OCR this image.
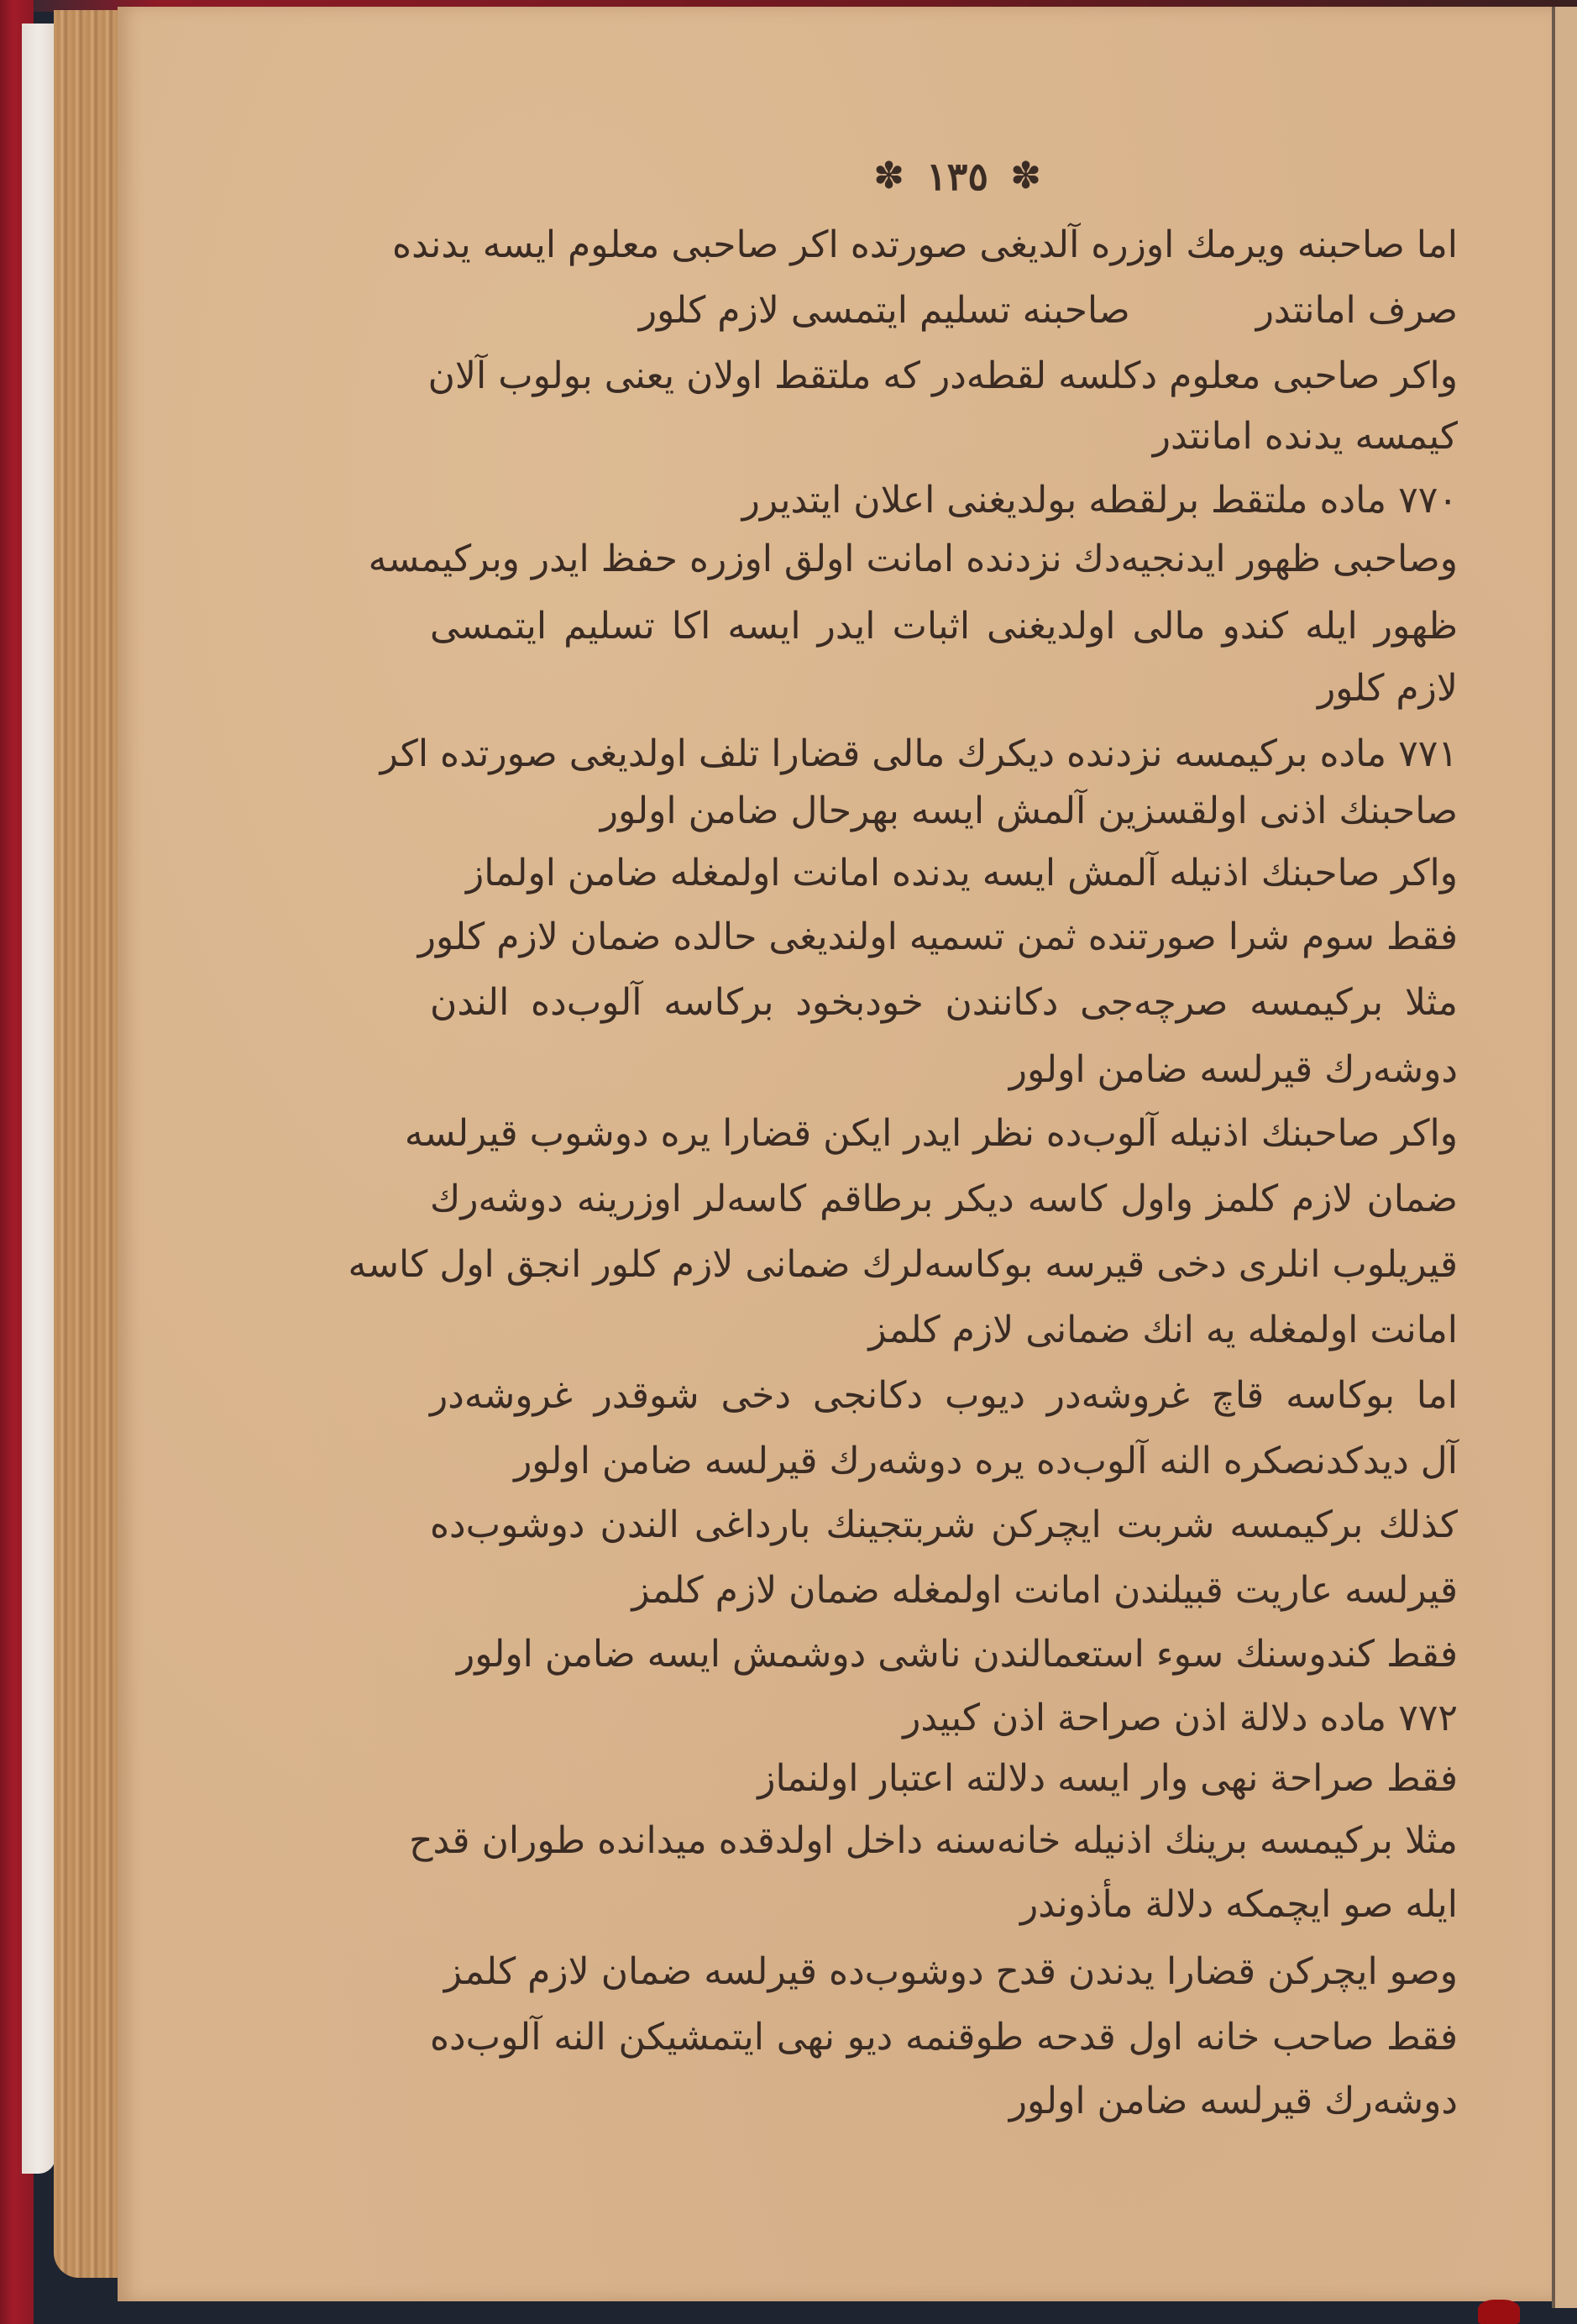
✽ ١٣٥ ✽
اما صاحبنه ویرمك اوزره آلدیغی صورتده اکر صاحبی معلوم ایسه یدنده
صرف امانتدرصاحبنه تسلیم ایتمسی لازم کلور
واکر صاحبی معلوم دکلسه لقطه‌در که ملتقط اولان یعنی بولوب آلان
کیمسه یدنده امانتدر
٧٧٠ ماده ملتقط برلقطه بولدیغنی اعلان ایتدیرر
وصاحبی ظهور ایدنجیه‌دك نزدنده امانت اولق اوزره حفظ ایدر وبرکیمسه
ظهور ایله کندو مالی اولدیغنی اثبات ایدر ایسه اکا تسلیم ایتمسی
لازم کلور
٧٧١ ماده برکیمسه نزدنده دیکرك مالی قضارا تلف اولدیغی صورتده اکر
صاحبنك اذنی اولقسزین آلمش ایسه بهرحال ضامن اولور
واکر صاحبنك اذنیله آلمش ایسه یدنده امانت اولمغله ضامن اولماز
فقط سوم شرا صورتنده ثمن تسمیه اولندیغی حالده ضمان لازم کلور
مثلا برکیمسه صرچه‌جی دکانندن خودبخود برکاسه آلوب‌ده الندن
دوشه‌رك قیرلسه ضامن اولور
واکر صاحبنك اذنیله آلوب‌ده نظر ایدر ایکن قضارا یره دوشوب قیرلسه
ضمان لازم کلمز واول کاسه دیکر برطاقم کاسه‌لر اوزرینه دوشه‌رك
قیریلوب انلری دخی قیرسه بوکاسه‌لرك ضمانی لازم کلور انجق اول کاسه
امانت اولمغله یه انك ضمانی لازم کلمز
اما بوکاسه قاچ غروشه‌در دیوب دکانجی دخی شوقدر غروشه‌در
آل دیدکدنصکره النه آلوب‌ده یره دوشه‌رك قیرلسه ضامن اولور
کذلك برکیمسه شربت ایچرکن شربتجینك بارداغی الندن دوشوب‌ده
قیرلسه عاریت قبیلندن امانت اولمغله ضمان لازم کلمز
فقط کندوسنك سوء استعمالندن ناشی دوشمش ایسه ضامن اولور
٧٧٢ ماده دلالة اذن صراحة اذن کبیدر
فقط صراحة نهی وار ایسه دلالته اعتبار اولنماز
مثلا برکیمسه برینك اذنیله خانه‌سنه داخل اولدقده میدانده طوران قدح
ایله صو ایچمکه دلالة مأذوندر
وصو ایچرکن قضارا یدندن قدح دوشوب‌ده قیرلسه ضمان لازم کلمز
فقط صاحب خانه اول قدحه طوقنمه دیو نهی ایتمشیکن النه آلوب‌ده
دوشه‌رك قیرلسه ضامن اولور
